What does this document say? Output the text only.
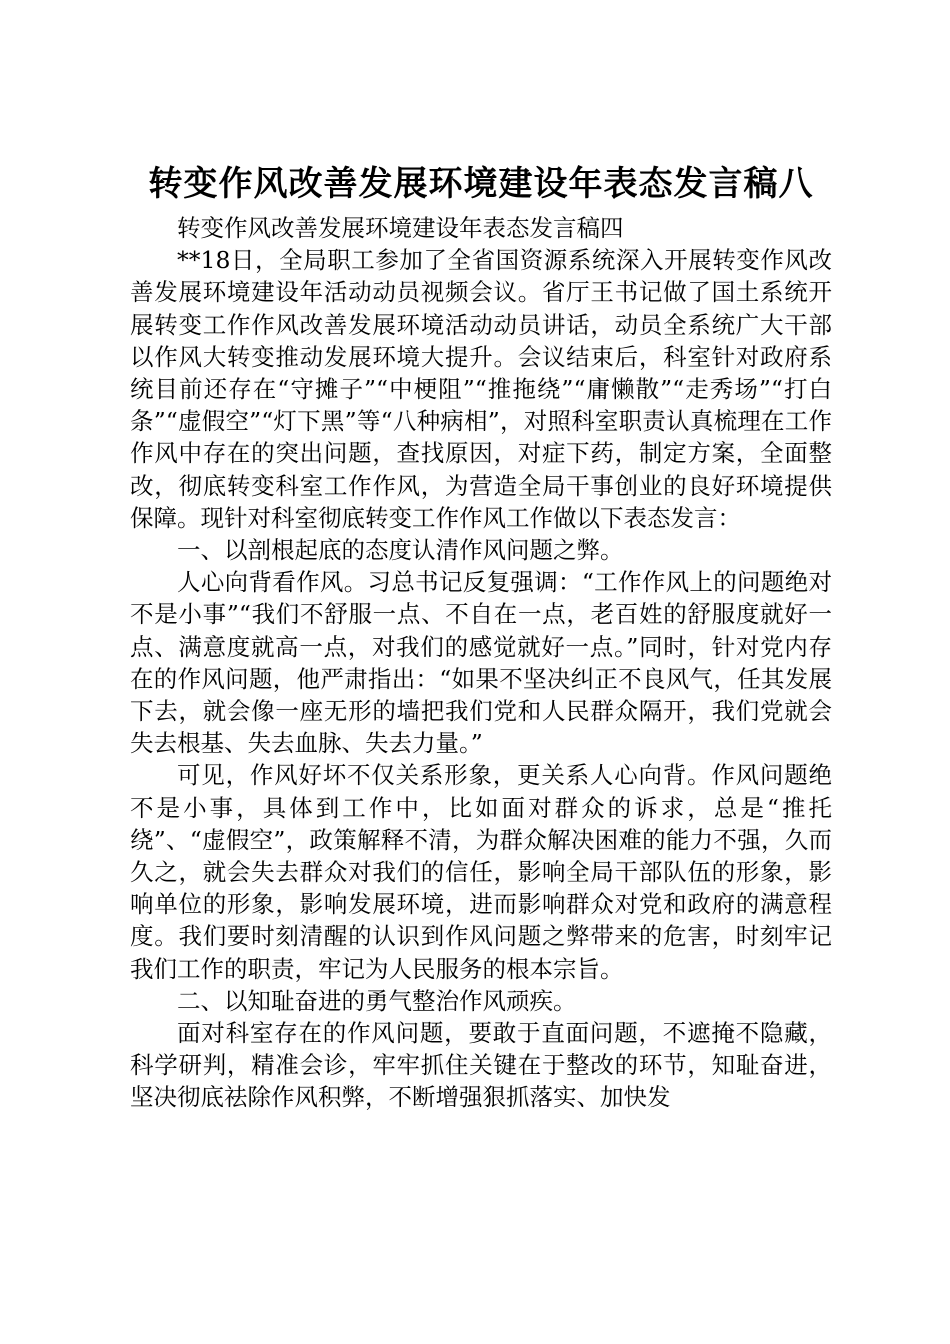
转变作风改善发展环境建设年表态发言稿八

转变作风改善发展环境建设年表态发言稿四

**18日，全局职工参加了全省国资源系统深入开展转变作风改善发展环境建设年活动动员视频会议。省厅王书记做了国土系统开展转变工作作风改善发展环境活动动员讲话，动员全系统广大干部以作风大转变推动发展环境大提升。会议结束后，科室针对政府系统目前还存在“守摊子”“中梗阻”“推拖绕”“庸懒散”“走秀场”“打白条”“虚假空”“灯下黑”等“八种病相”，对照科室职责认真梳理在工作作风中存在的突出问题，查找原因，对症下药，制定方案，全面整改，彻底转变科室工作作风，为营造全局干事创业的良好环境提供保障。现针对科室彻底转变工作作风工作做以下表态发言：

一、以剖根起底的态度认清作风问题之弊。

人心向背看作风。习总书记反复强调：“工作作风上的问题绝对不是小事”“我们不舒服一点、不自在一点，老百姓的舒服度就好一点、满意度就高一点，对我们的感觉就好一点。”同时，针对党内存在的作风问题，他严肃指出：“如果不坚决纠正不良风气，任其发展下去，就会像一座无形的墙把我们党和人民群众隔开，我们党就会失去根基、失去血脉、失去力量。”

可见，作风好坏不仅关系形象，更关系人心向背。作风问题绝不是小事，具体到工作中，比如面对群众的诉求，总是“推托绕”、“虚假空”，政策解释不清，为群众解决困难的能力不强，久而久之，就会失去群众对我们的信任，影响全局干部队伍的形象，影响单位的形象，影响发展环境，进而影响群众对党和政府的满意程度。我们要时刻清醒的认识到作风问题之弊带来的危害，时刻牢记我们工作的职责，牢记为人民服务的根本宗旨。

二、以知耻奋进的勇气整治作风顽疾。

面对科室存在的作风问题，要敢于直面问题，不遮掩不隐藏，科学研判，精准会诊，牢牢抓住关键在于整改的环节，知耻奋进，坚决彻底祛除作风积弊，不断增强狠抓落实、加快发
